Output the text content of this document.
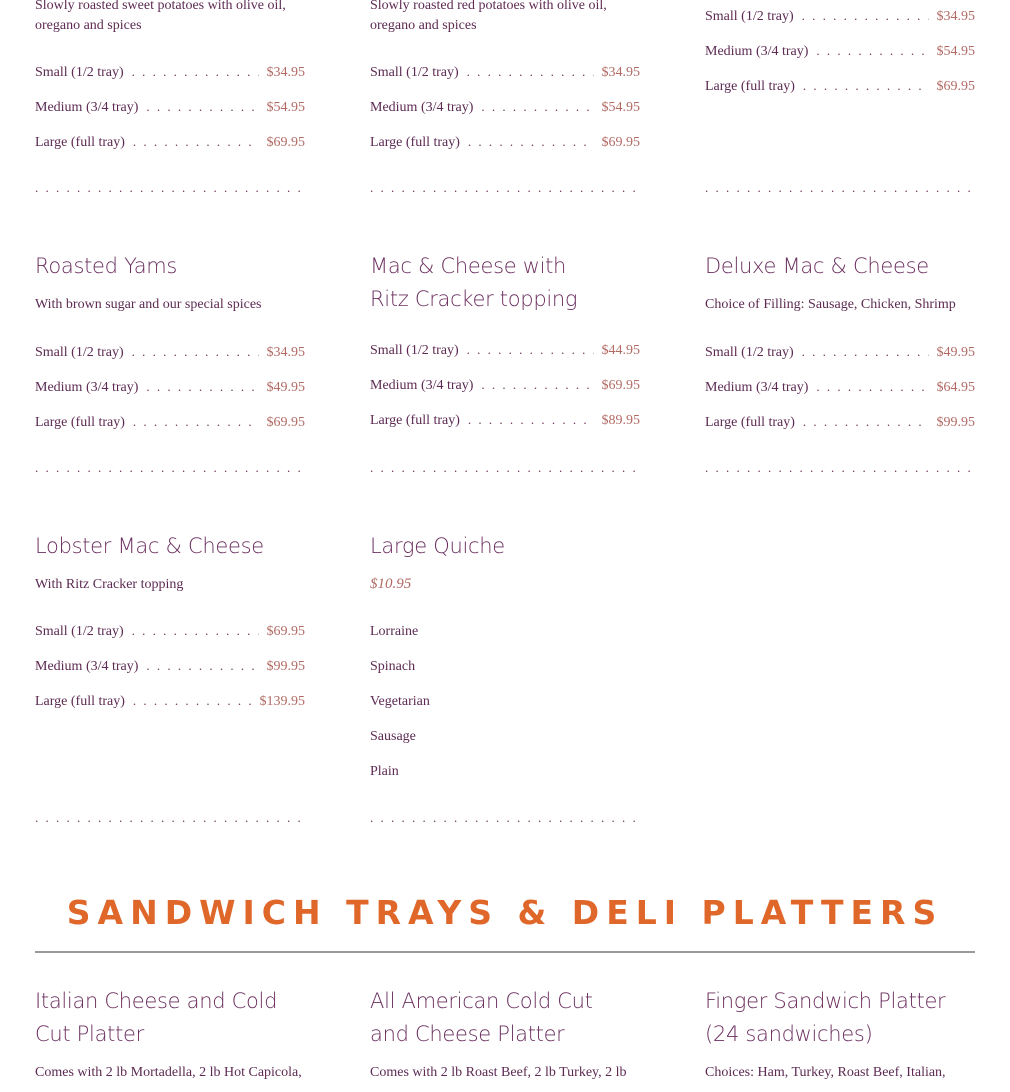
Slowly roasted sweet potatoes with olive oil, oregano and spices
Small (1/2 tray) . . .	$34.95
Medium (3/4 tray) . . .	$54.95
Large (full tray) . . .	$69.95
. . .
Slowly roasted red potatoes with olive oil, oregano and spices
Small (1/2 tray) . . .	$34.95
Medium (3/4 tray) . . .	$54.95
Large (full tray) . . .	$69.95
. . .
Small (1/2 tray) . . .	$34.95
Medium (3/4 tray) . . .	$54.95
Large (full tray) . . .	$69.95
. . .
Roasted Yams
With brown sugar and our special spices
Small (1/2 tray) . . .	$34.95
Medium (3/4 tray) . . .	$49.95
Large (full tray) . . .	$69.95
. . .
Mac & Cheese with Ritz Cracker topping
Small (1/2 tray) . . .	$44.95
Medium (3/4 tray) . . .	$69.95
Large (full tray) . . .	$89.95
. . .
Deluxe Mac & Cheese
Choice of Filling: Sausage, Chicken, Shrimp
Small (1/2 tray) . . .	$49.95
Medium (3/4 tray) . . .	$64.95
Large (full tray) . . .	$99.95
. . .
Lobster Mac & Cheese
With Ritz Cracker topping
Small (1/2 tray) . . .	$69.95
Medium (3/4 tray) . . .	$99.95
Large (full tray) . . .	$139.95
. . .
Large Quiche
$10.95
Lorraine
Spinach
Vegetarian
Sausage
Plain
. . .
SANDWICH TRAYS & DELI PLATTERS
Italian Cheese and Cold Cut Platter
Comes with 2 lb Mortadella, 2 lb Hot Capicola,
All American Cold Cut and Cheese Platter
Comes with 2 lb Roast Beef, 2 lb Turkey, 2 lb
Finger Sandwich Platter (24 sandwiches)
Choices: Ham, Turkey, Roast Beef, Italian,
